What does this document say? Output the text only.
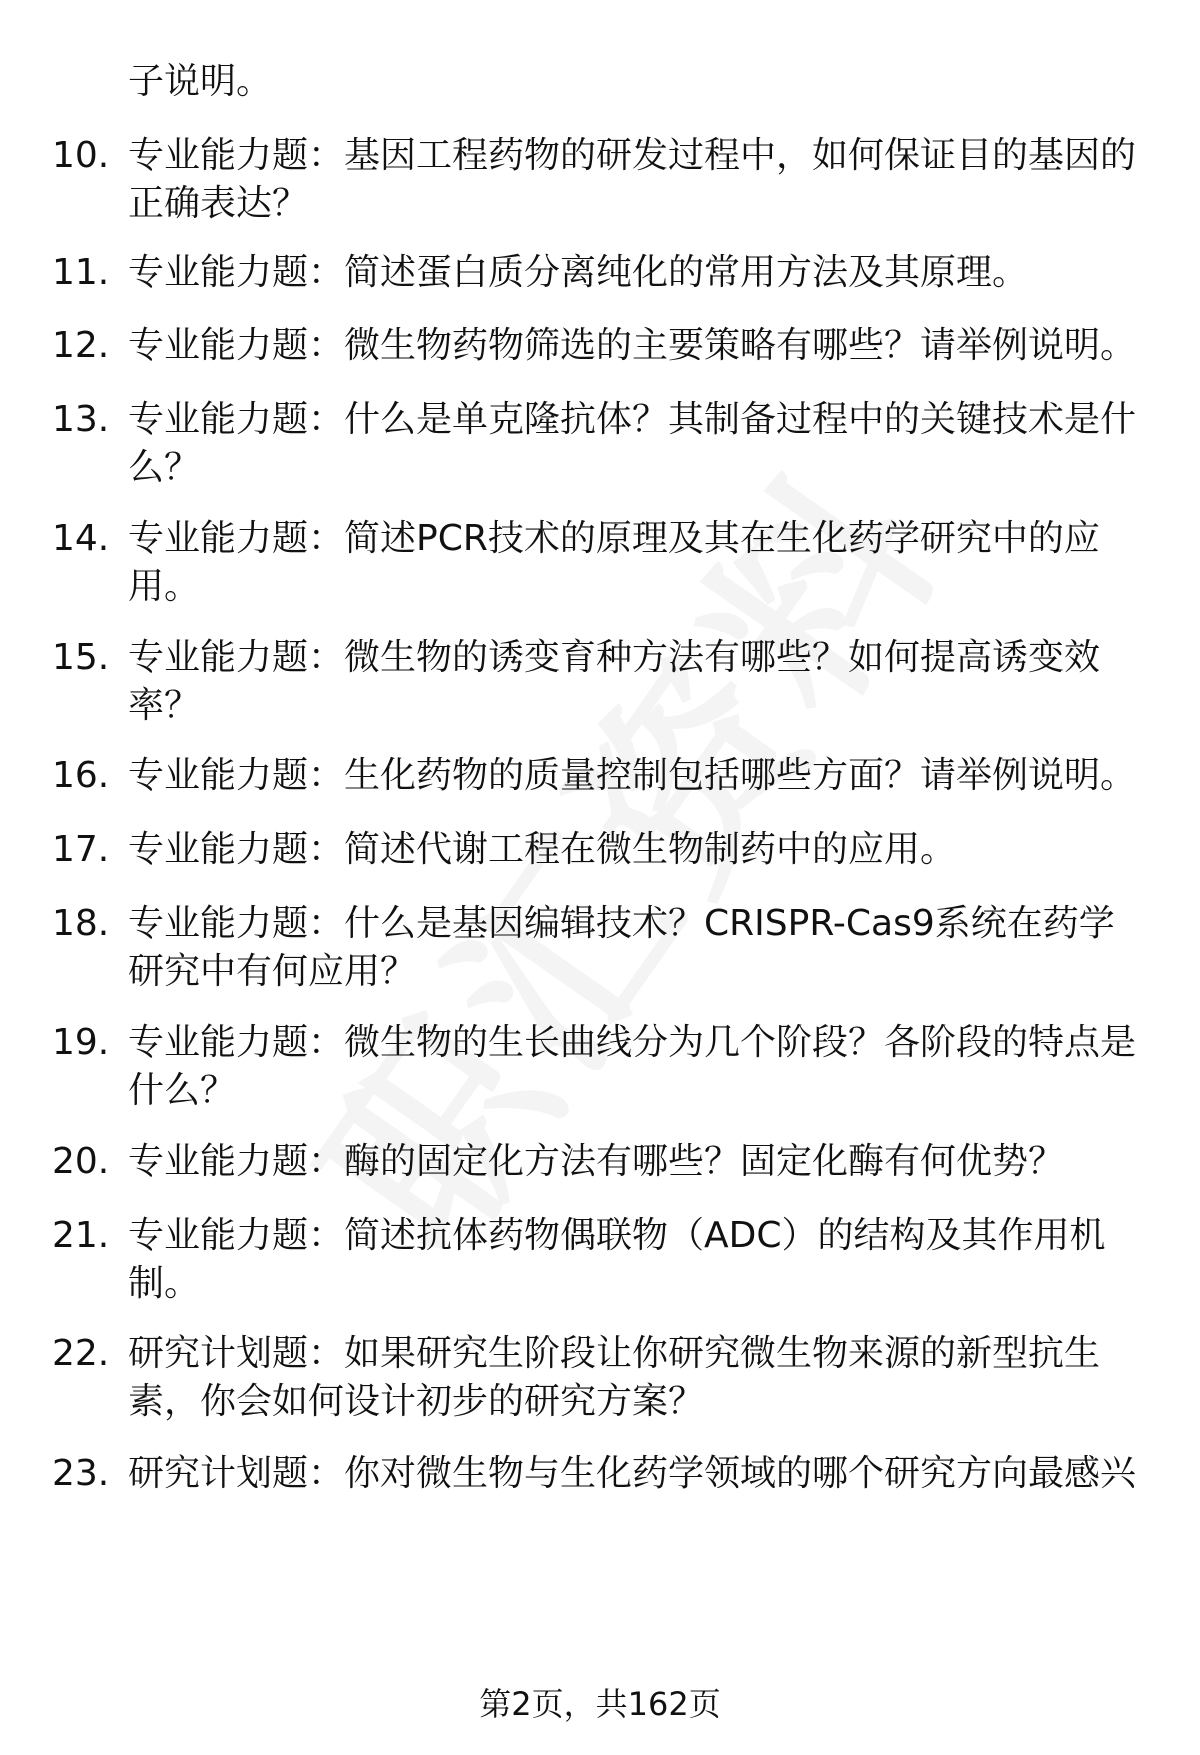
子说明。
10. 专业能力题：基因工程药物的研发过程中，如何保证目的基因的正确表达？
11. 专业能力题：简述蛋白质分离纯化的常用方法及其原理。
12. 专业能力题：微生物药物筛选的主要策略有哪些？请举例说明。
13. 专业能力题：什么是单克隆抗体？其制备过程中的关键技术是什么？
14. 专业能力题：简述PCR技术的原理及其在生化药学研究中的应用。
15. 专业能力题：微生物的诱变育种方法有哪些？如何提高诱变效率？
16. 专业能力题：生化药物的质量控制包括哪些方面？请举例说明。
17. 专业能力题：简述代谢工程在微生物制药中的应用。
18. 专业能力题：什么是基因编辑技术？CRISPR-Cas9系统在药学研究中有何应用？
19. 专业能力题：微生物的生长曲线分为几个阶段？各阶段的特点是什么？
20. 专业能力题：酶的固定化方法有哪些？固定化酶有何优势？
21. 专业能力题：简述抗体药物偶联物（ADC）的结构及其作用机制。
22. 研究计划题：如果研究生阶段让你研究微生物来源的新型抗生素，你会如何设计初步的研究方案？
23. 研究计划题：你对微生物与生化药学领域的哪个研究方向最感兴
第2页，共162页
